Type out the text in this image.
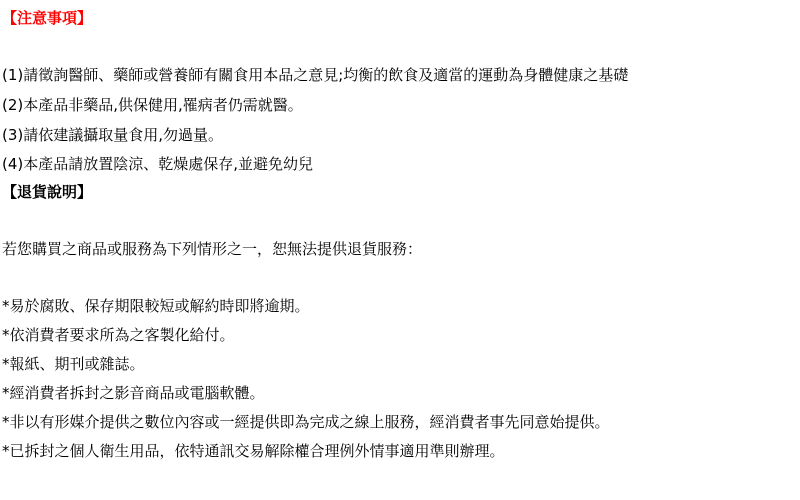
【注意事項】
(1)請徵詢醫師、藥師或營養師有關食用本品之意見;均衡的飲食及適當的運動為身體健康之基礎
(2)本產品非藥品,供保健用,罹病者仍需就醫。
(3)請依建議攝取量食用,勿過量。
(4)本產品請放置陰涼、乾燥處保存,並避免幼兒
【退貨說明】
若您購買之商品或服務為下列情形之一，恕無法提供退貨服務：
*易於腐敗、保存期限較短或解約時即將逾期。
*依消費者要求所為之客製化給付。
*報紙、期刊或雜誌。
*經消費者拆封之影音商品或電腦軟體。
*非以有形媒介提供之數位內容或一經提供即為完成之線上服務，經消費者事先同意始提供。
*已拆封之個人衛生用品，依特通訊交易解除權合理例外情事適用準則辦理。
